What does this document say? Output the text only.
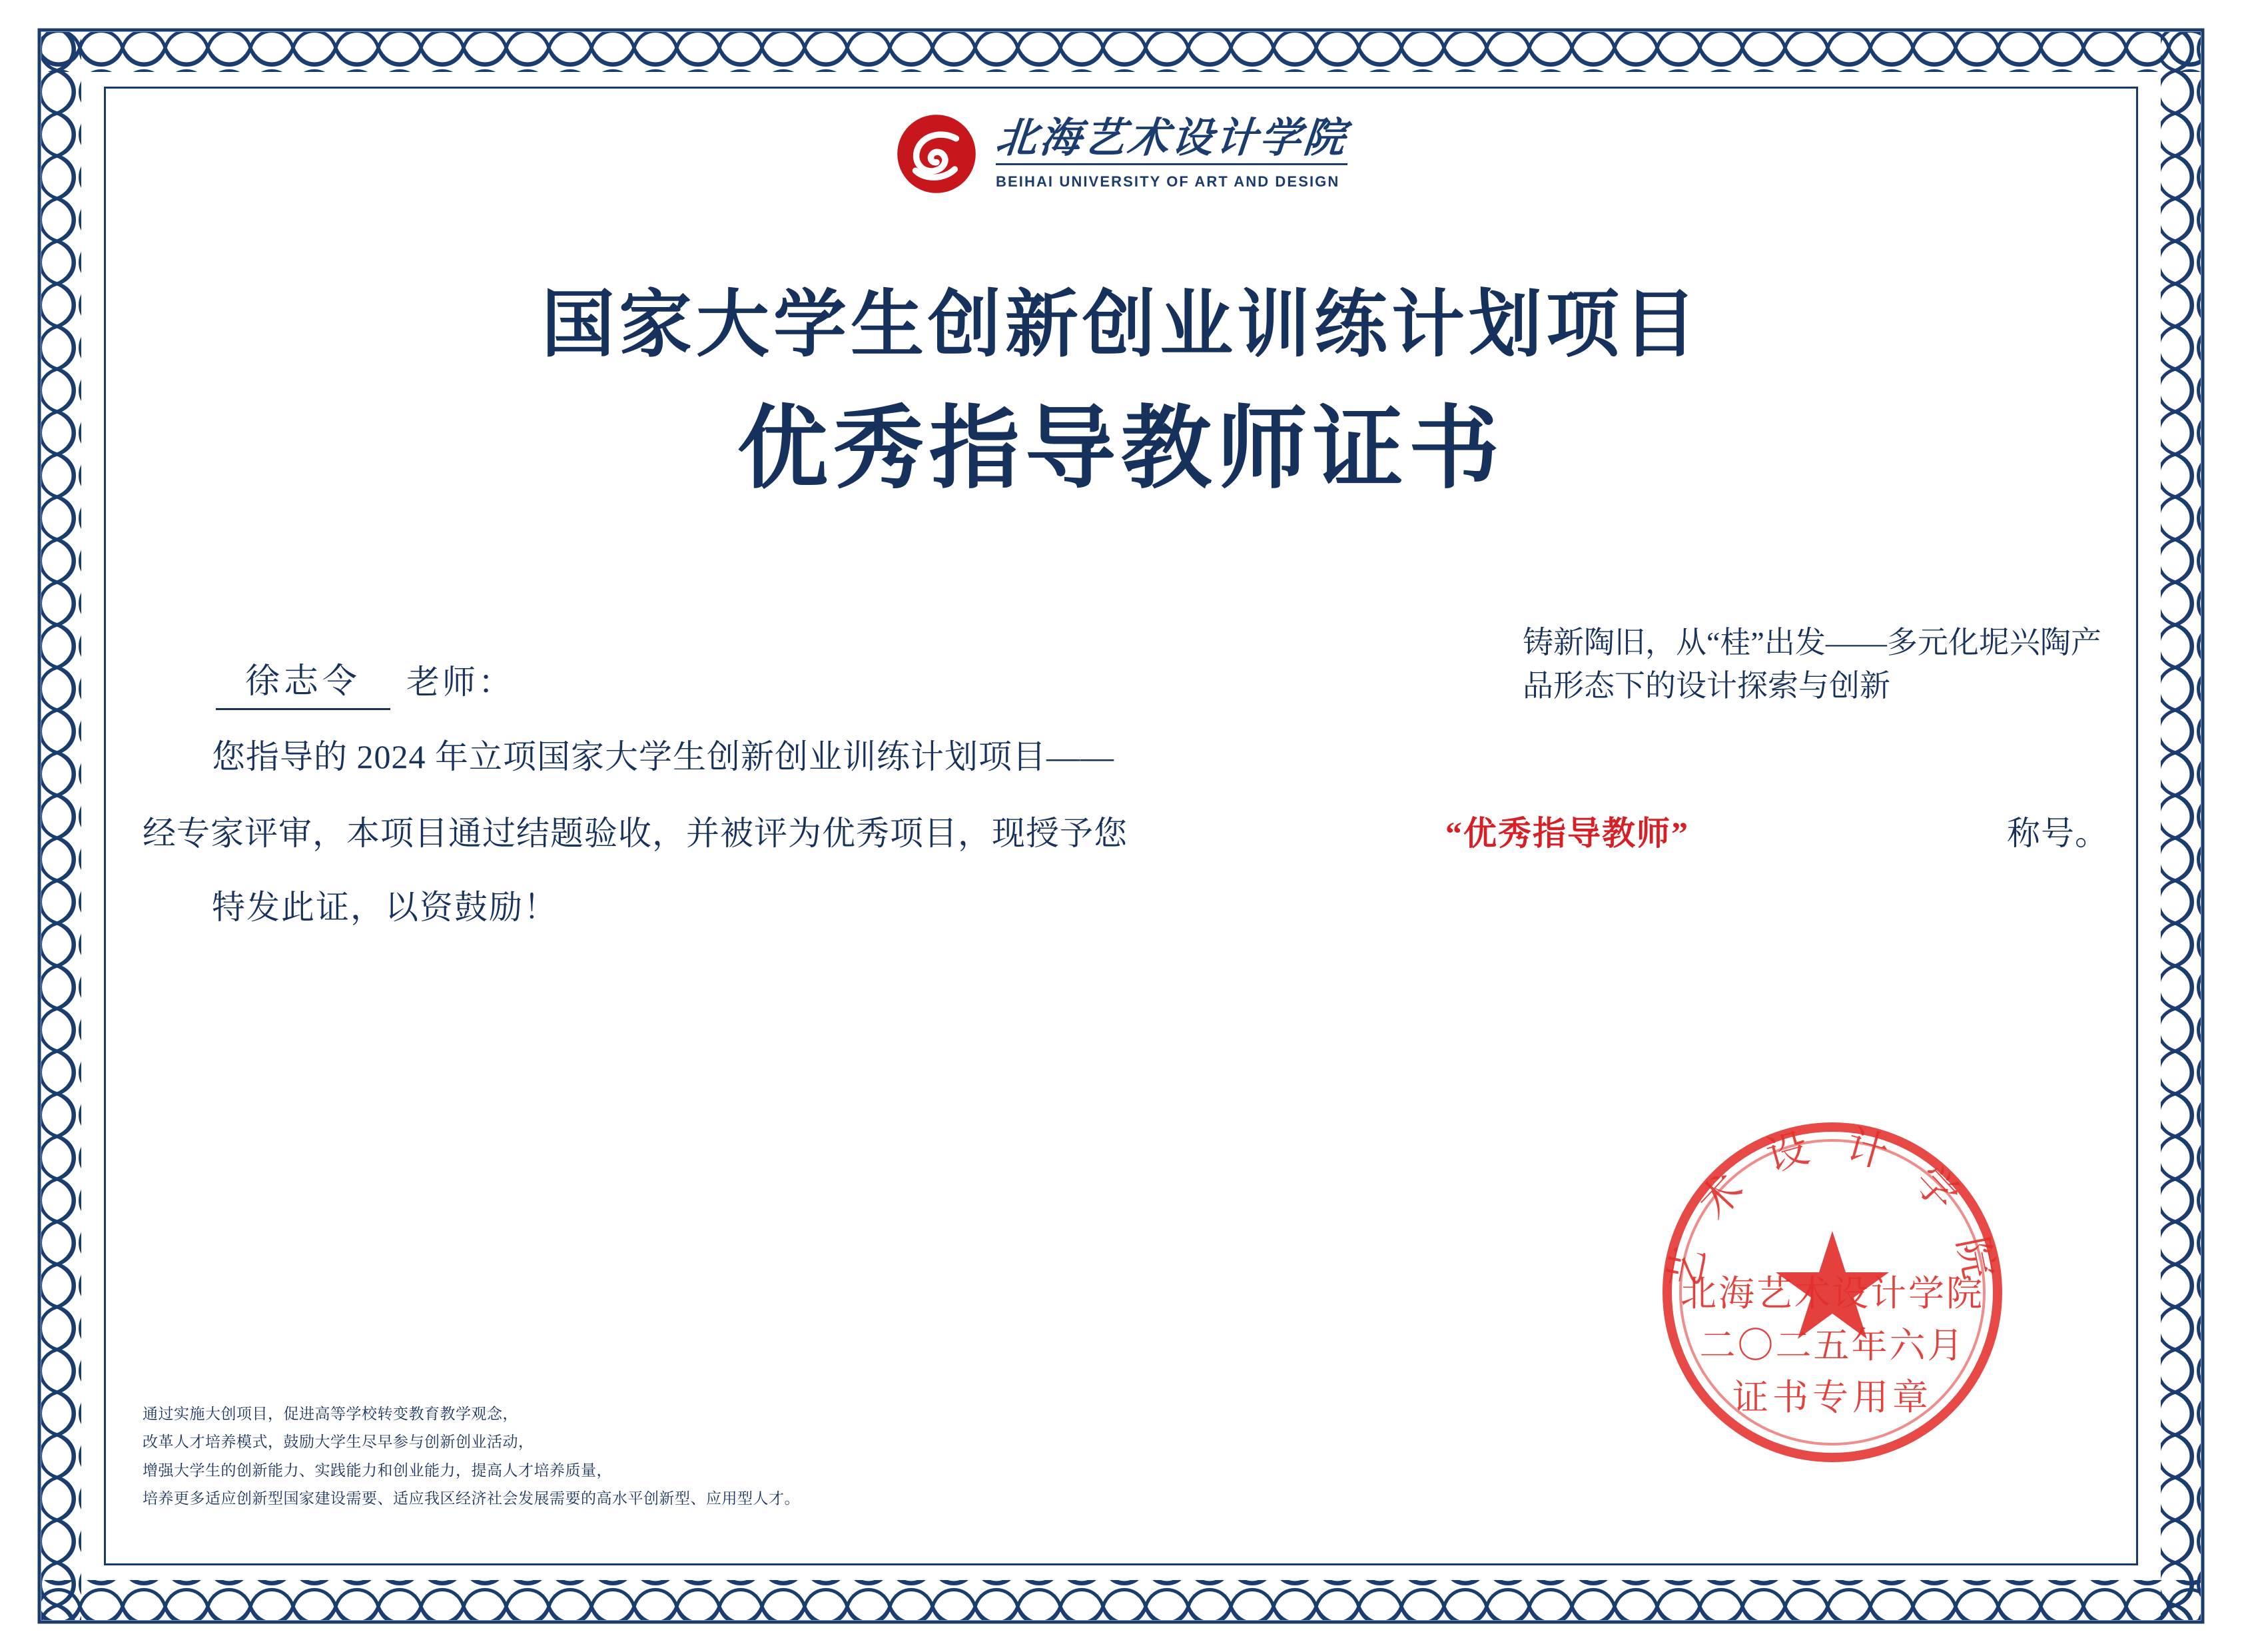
北海艺术设计学院
BEIHAI UNIVERSITY OF ART AND DESIGN
国家大学生创新创业训练计划项目
优秀指导教师证书
徐志令	老师：
铸新陶旧，从“桂”出发——多元化坭兴陶产品形态下的设计探索与创新
您指导的 2024 年立项国家大学生创新创业训练计划项目——
经专家评审，本项目通过结题验收，并被评为优秀项目，现授予您	“优秀指导教师”	称号。
特发此证，以资鼓励！
通过实施大创项目，促进高等学校转变教育教学观念，
改革人才培养模式，鼓励大学生尽早参与创新创业活动，
增强大学生的创新能力、实践能力和创业能力，提高人才培养质量，
培养更多适应创新型国家建设需要、适应我区经济社会发展需要的高水平创新型、应用型人才。
艺 术 设 计 学 院
北海艺术设计学院
二〇二五年六月
证书专用章
